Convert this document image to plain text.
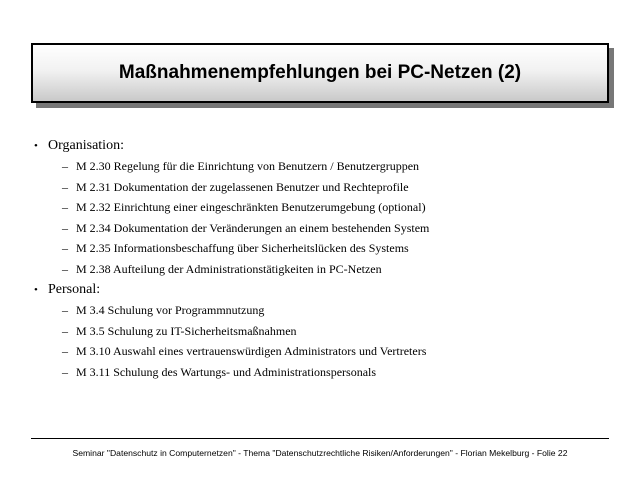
Maßnahmenempfehlungen bei PC-Netzen (2)
• Organisation:
– M 2.30 Regelung für die Einrichtung von Benutzern / Benutzergruppen
– M 2.31 Dokumentation der zugelassenen Benutzer und Rechteprofile
– M 2.32 Einrichtung einer eingeschränkten Benutzerumgebung (optional)
– M 2.34 Dokumentation der Veränderungen an einem bestehenden System
– M 2.35 Informationsbeschaffung über Sicherheitslücken des Systems
– M 2.38 Aufteilung der Administrationstätigkeiten in PC-Netzen
• Personal:
– M 3.4 Schulung vor Programmnutzung
– M 3.5 Schulung zu IT-Sicherheitsmaßnahmen
– M 3.10 Auswahl eines vertrauenswürdigen Administrators und Vertreters
– M 3.11 Schulung des Wartungs- und Administrationspersonals
Seminar "Datenschutz in Computernetzen" - Thema "Datenschutzrechtliche Risiken/Anforderungen" - Florian Mekelburg - Folie 22
